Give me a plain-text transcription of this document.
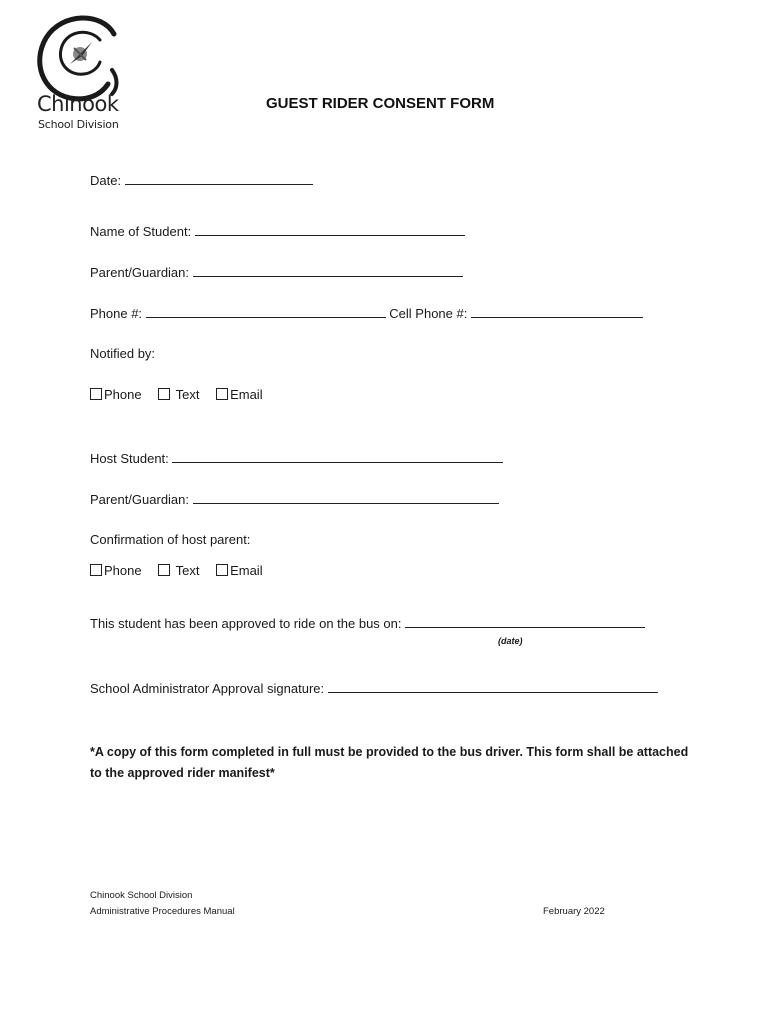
Chinook
School Division
GUEST RIDER CONSENT FORM
Date:
Name of Student:
Parent/Guardian:
Phone #:	Cell Phone #:
Notified by:
Phone	Text Email
Host Student:
Parent/Guardian:
Confirmation of host parent:
Phone	Text Email
This student has been approved to ride on the bus on:
(date)
School Administrator Approval signature:
*A copy of this form completed in full must be provided to the bus driver. This form shall be attached to the approved rider manifest*
Chinook School Division
Administrative Procedures Manual	February 2022
